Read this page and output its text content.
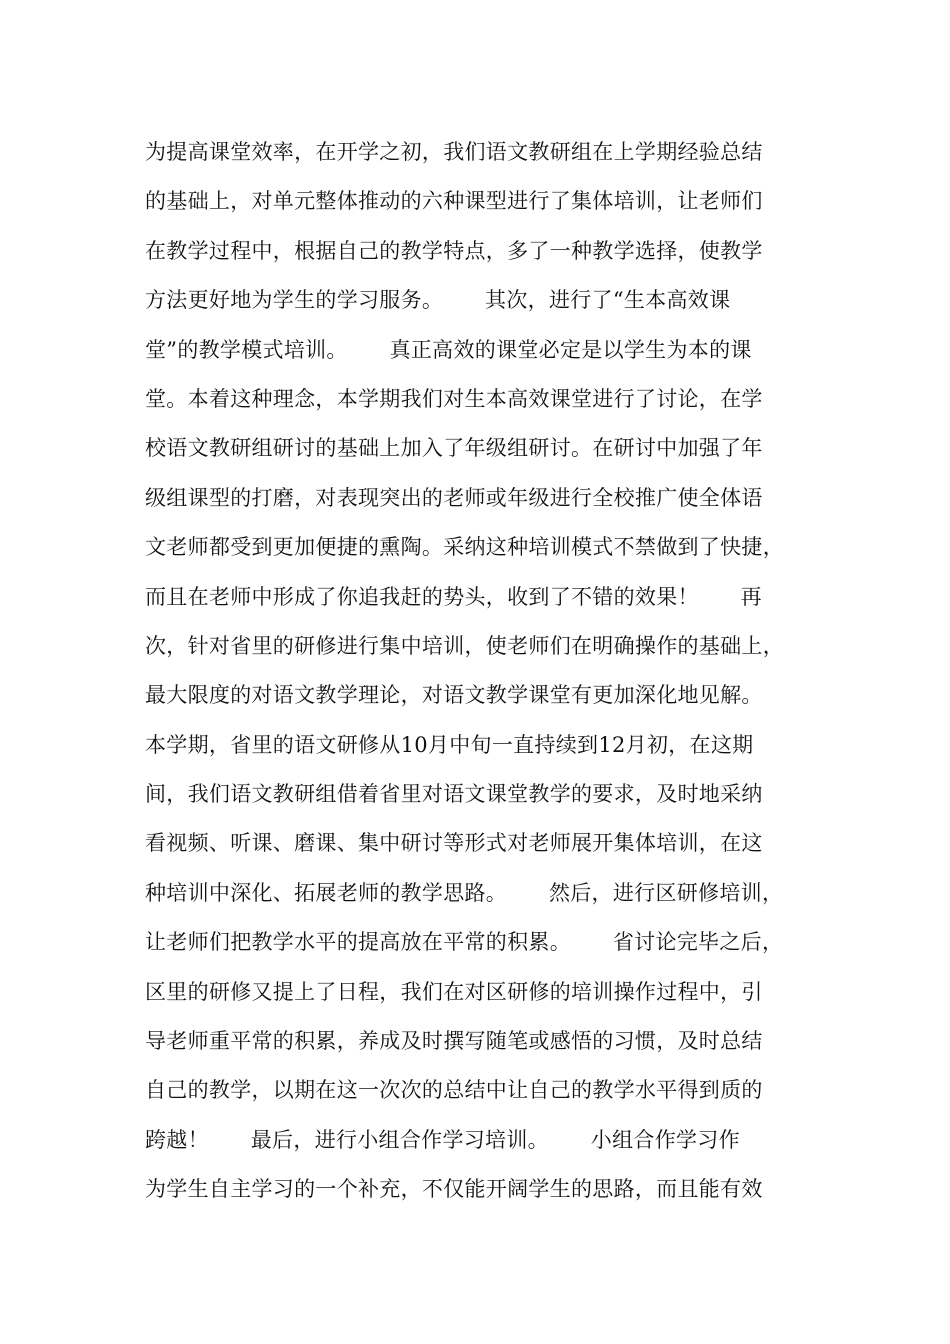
为提高课堂效率，在开学之初，我们语文教研组在上学期经验总结
的基础上，对单元整体推动的六种课型进行了集体培训，让老师们
在教学过程中，根据自己的教学特点，多了一种教学选择，使教学
方法更好地为学生的学习服务。      其次，进行了“生本高效课
堂”的教学模式培训。      真正高效的课堂必定是以学生为本的课
堂。本着这种理念，本学期我们对生本高效课堂进行了讨论，在学
校语文教研组研讨的基础上加入了年级组研讨。在研讨中加强了年
级组课型的打磨，对表现突出的老师或年级进行全校推广使全体语
文老师都受到更加便捷的熏陶。采纳这种培训模式不禁做到了快捷，
而且在老师中形成了你追我赶的势头，收到了不错的效果！      再
次，针对省里的研修进行集中培训，使老师们在明确操作的基础上，
最大限度的对语文教学理论，对语文教学课堂有更加深化地见解。
本学期，省里的语文研修从10月中旬一直持续到12月初，在这期
间，我们语文教研组借着省里对语文课堂教学的要求，及时地采纳
看视频、听课、磨课、集中研讨等形式对老师展开集体培训，在这
种培训中深化、拓展老师的教学思路。      然后，进行区研修培训，
让老师们把教学水平的提高放在平常的积累。      省讨论完毕之后，
区里的研修又提上了日程，我们在对区研修的培训操作过程中，引
导老师重平常的积累，养成及时撰写随笔或感悟的习惯，及时总结
自己的教学，以期在这一次次的总结中让自己的教学水平得到质的
跨越！      最后，进行小组合作学习培训。      小组合作学习作
为学生自主学习的一个补充，不仅能开阔学生的思路，而且能有效
